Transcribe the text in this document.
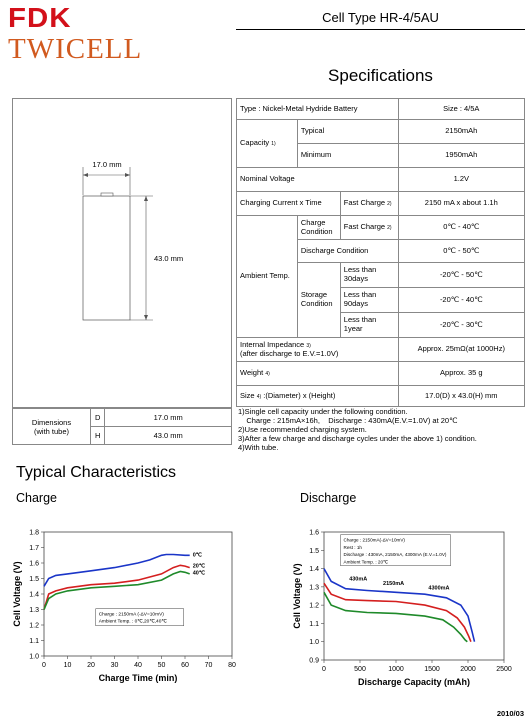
FDK
TWICELL
Cell Type HR-4/5AU
Specifications
17.0 mm
43.0 mm
Dimensions
(with tube)	D	17.0 mm
	H	43.0 mm
Type : Nickel-Metal Hydride Battery			Size : 4/5A
Capacity 1)	Typical		2150mAh
	Minimum		1950mAh
Nominal Voltage			1.2V
Charging Current x Time		Fast Charge 2)	2150 mA x about 1.1h
Ambient Temp.	Charge Condition	Fast Charge 2)	0℃ - 40℃
	Discharge Condition		0℃ - 50℃
	Storage Condition	Less than 30days	-20℃ - 50℃
		Less than 90days	-20℃ - 40℃
		Less than 1year	-20℃ - 30℃
Internal Impedance 3)
(after discharge to E.V.=1.0V)			Approx. 25mΩ(at 1000Hz)
Weight 4)			Approx. 35 g
Size 4) :(Diameter) x (Height)			17.0(D) x 43.0(H) mm
1)Single cell capacity under the following condition.
Charge : 215mA×16h,    Discharge : 430mA(E.V.=1.0V) at 20℃
2)Use recommended charging system.
3)After a few charge and discharge cycles under the above 1) condition.
4)With tube.
Typical Characteristics
Charge	Discharge
0	10 20 30 40 50 60 70 80
1.0
1.1
1.2
1.3
1.4
1.5
1.6
1.7
1.8
Charge Time (min)
Cell Voltage (V)
0℃
20℃
40℃
Charge : 2150mA (-ΔV=10mV)
Ambient Temp. : 0℃,20℃,40℃
0	500	1000	1500	2000	2500
0.9
1.0
1.1
1.2
1.3
1.4
1.5
1.6
Discharge Capacity (mAh)
Cell Voltage (V)	430mA
2150mA
4300mA
Charge : 2150mA(-ΔV=10mV)
Rest : 1h
Discharge : 430mA, 2150mA, 4300mA (E.V.=1.0V)
Ambient Temp. : 20℃
2010/03
